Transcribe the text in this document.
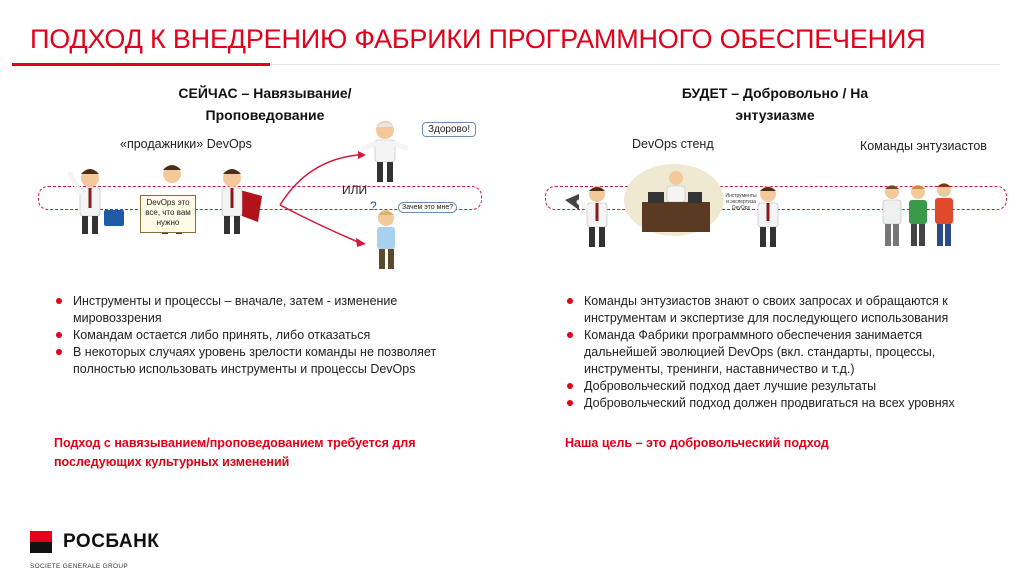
ПОДХОД К ВНЕДРЕНИЮ ФАБРИКИ ПРОГРАММНОГО ОБЕСПЕЧЕНИЯ
СЕЙЧАС – Навязывание/
Проповедование
«продажники» DevOps
DevOps это все, что вам нужно
ИЛИ
Здорово!
?	Зачем это мне?
Инструменты и процессы – вначале, затем - изменение мировоззрения
Командам остается либо принять, либо отказаться
В некоторых случаях уровень зрелости команды не позволяет полностью использовать инструменты и процессы DevOps
Подход с навязыванием/проповедованием требуется для последующих культурных изменений
БУДЕТ – Добровольно / На
энтузиазме
DevOps стенд	Команды энтузиастов
Инструменты и экспертиза DevOps
Команды энтузиастов знают о своих запросах и обращаются к инструментам и экспертизе для последующего использования
Команда Фабрики программного обеспечения занимается дальнейшей эволюцией DevOps (вкл. стандарты, процессы, инструменты, тренинги, наставничество и т.д.)
Добровольческий подход дает лучшие результаты
Добровольческий подход должен продвигаться на всех уровнях
Наша цель – это добровольческий подход
РОСБАНК
SOCIETE GENERALE GROUP
